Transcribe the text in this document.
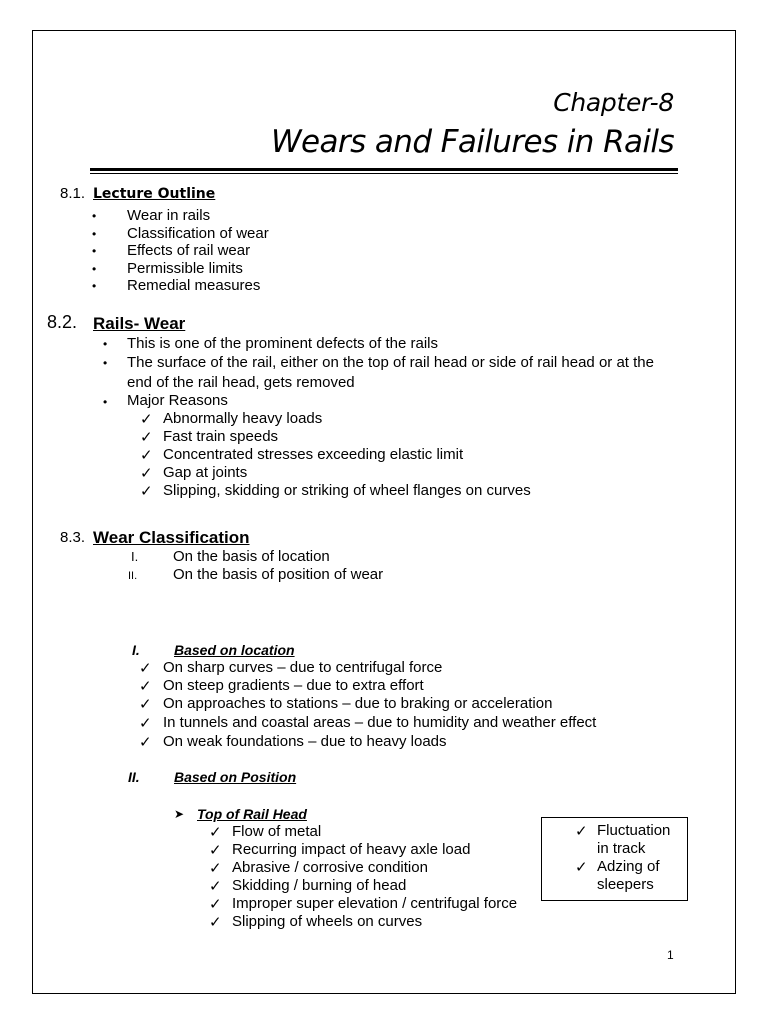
Chapter-8
Wears and Failures in Rails
8.1. Lecture Outline
• Wear in rails
• Classification of wear
• Effects of rail wear
• Permissible limits
• Remedial measures
8.2. Rails- Wear
• This is one of the prominent defects of the rails
• The surface of the rail, either on the top of rail head or side of rail head or at the
end of the rail head, gets removed
• Major Reasons
✓ Abnormally heavy loads
✓ Fast train speeds
✓ Concentrated stresses exceeding elastic limit
✓ Gap at joints
✓ Slipping, skidding or striking of wheel flanges on curves
8.3. Wear Classification
I. On the basis of location
II. On the basis of position of wear
I. Based on location
✓ On sharp curves – due to centrifugal force
✓ On steep gradients – due to extra effort
✓ On approaches to stations – due to braking or acceleration
✓ In tunnels and coastal areas – due to humidity and weather effect
✓ On weak foundations – due to heavy loads
II. Based on Position
➤ Top of Rail Head
✓ Flow of metal
✓ Recurring impact of heavy axle load
✓ Abrasive / corrosive condition
✓ Skidding / burning of head
✓ Improper super elevation / centrifugal force
✓ Slipping of wheels on curves
✓ Fluctuation
in track
✓ Adzing of
sleepers
1
